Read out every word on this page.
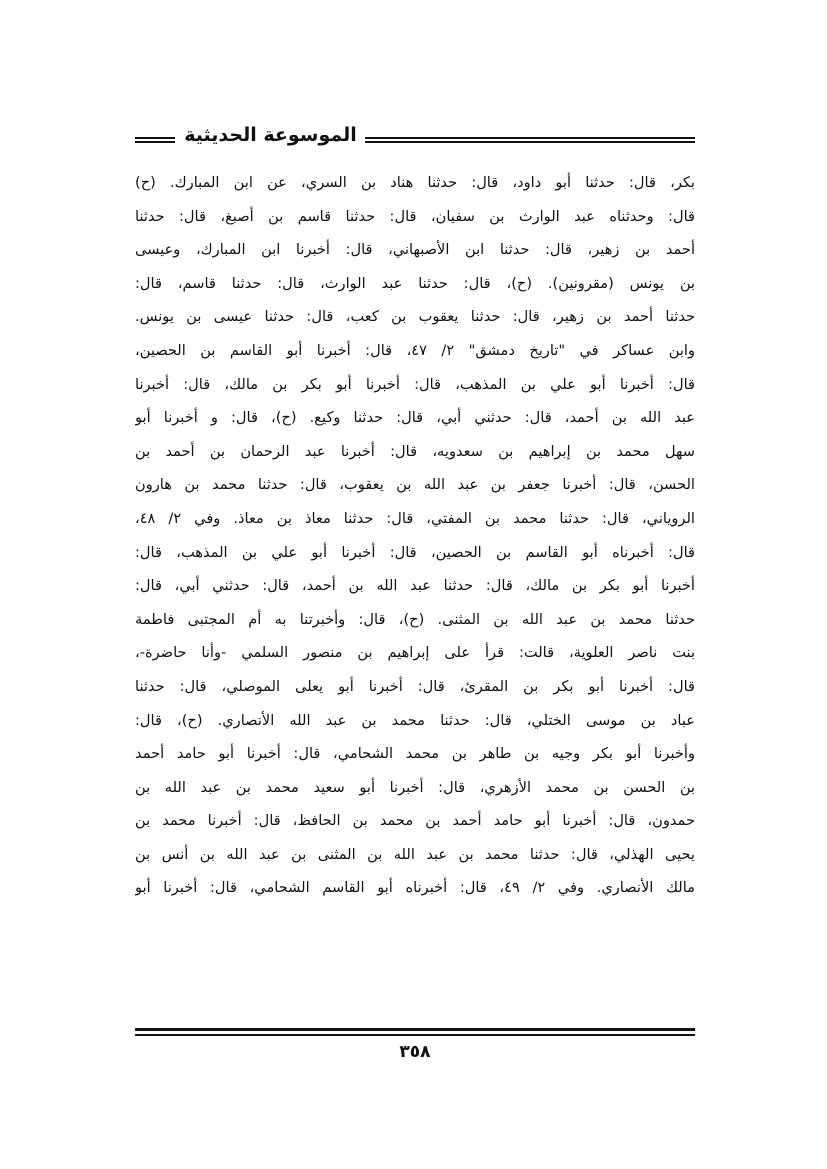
الموسوعة الحديثية
بكر، قال: حدثنا أبو داود، قال: حدثنا هناد بن السري، عن ابن المبارك. (ح)
قال: وحدثناه عبد الوارث بن سفيان، قال: حدثنا قاسم بن أصبغ، قال: حدثنا
أحمد بن زهير، قال: حدثنا ابن الأصبهاني، قال: أخبرنا ابن المبارك، وعيسى
بن يونس (مقرونين). (ح)، قال: حدثنا عبد الوارث، قال: حدثنا قاسم، قال:
حدثنا أحمد بن زهير، قال: حدثنا يعقوب بن كعب، قال: حدثنا عيسى بن يونس.
وابن عساكر في "تاريخ دمشق" ٢/ ٤٧، قال: أخبرنا أبو القاسم بن الحصين،
قال: أخبرنا أبو علي بن المذهب، قال: أخبرنا أبو بكر بن مالك، قال: أخبرنا
عبد الله بن أحمد، قال: حدثني أبي، قال: حدثنا وكيع. (ح)، قال: و أخبرنا أبو
سهل محمد بن إبراهيم بن سعدويه، قال: أخبرنا عبد الرحمان بن أحمد بن
الحسن، قال: أخبرنا جعفر بن عبد الله بن يعقوب، قال: حدثنا محمد بن هارون
الروياني، قال: حدثنا محمد بن المفتي، قال: حدثنا معاذ بن معاذ. وفي ٢/ ٤٨،
قال: أخبرناه أبو القاسم بن الحصين، قال: أخبرنا أبو علي بن المذهب، قال:
أخبرنا أبو بكر بن مالك، قال: حدثنا عبد الله بن أحمد، قال: حدثني أبي، قال:
حدثنا محمد بن عبد الله بن المثنى. (ح)، قال: وأخبرتنا به أم المجتبى فاطمة
بنت ناصر العلوية، قالت: قرأ على إبراهيم بن منصور السلمي -وأنا حاضرة-،
قال: أخبرنا أبو بكر بن المقرئ، قال: أخبرنا أبو يعلى الموصلي، قال: حدثنا
عباد بن موسى الختلي، قال: حدثنا محمد بن عبد الله الأنصاري. (ح)، قال:
وأخبرنا أبو بكر وجيه بن طاهر بن محمد الشحامي، قال: أخبرنا أبو حامد أحمد
بن الحسن بن محمد الأزهري، قال: أخبرنا أبو سعيد محمد بن عبد الله بن
حمدون، قال: أخبرنا أبو حامد أحمد بن محمد بن الحافظ، قال: أخبرنا محمد بن
يحيى الهذلي، قال: حدثنا محمد بن عبد الله بن المثنى بن عبد الله بن أنس بن
مالك الأنصاري. وفي ٢/ ٤٩، قال: أخبرناه أبو القاسم الشحامي، قال: أخبرنا أبو
٣٥٨
